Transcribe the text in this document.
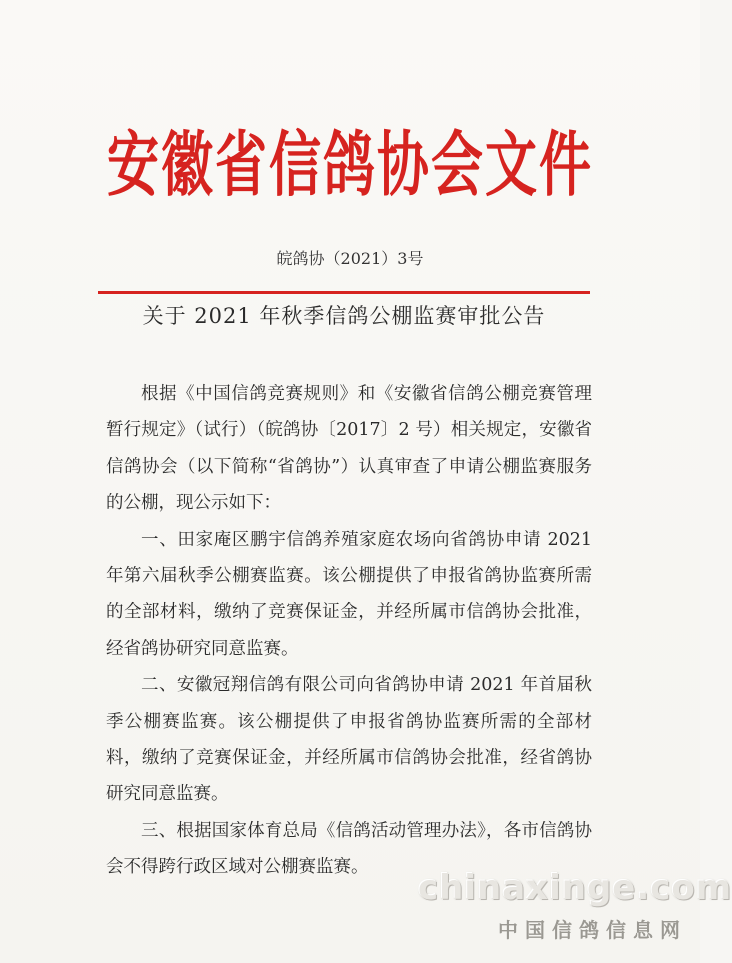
安徽省信鸽协会文件
皖鸽协（2021）3号
关于 2021 年秋季信鸽公棚监赛审批公告

根据《中国信鸽竞赛规则》和《安徽省信鸽公棚竞赛管理暂行规定》（试行）（皖鸽协〔2017〕2 号）相关规定，安徽省信鸽协会（以下简称“省鸽协”）认真审查了申请公棚监赛服务的公棚，现公示如下：

一、田家庵区鹏宇信鸽养殖家庭农场向省鸽协申请 2021 年第六届秋季公棚赛监赛。该公棚提供了申报省鸽协监赛所需的全部材料，缴纳了竞赛保证金，并经所属市信鸽协会批准，经省鸽协研究同意监赛。

二、安徽冠翔信鸽有限公司向省鸽协申请 2021 年首届秋季公棚赛监赛。该公棚提供了申报省鸽协监赛所需的全部材料，缴纳了竞赛保证金，并经所属市信鸽协会批准，经省鸽协研究同意监赛。

三、根据国家体育总局《信鸽活动管理办法》，各市信鸽协会不得跨行政区域对公棚赛监赛。

chinaxinge.com
中国信鸽信息网
